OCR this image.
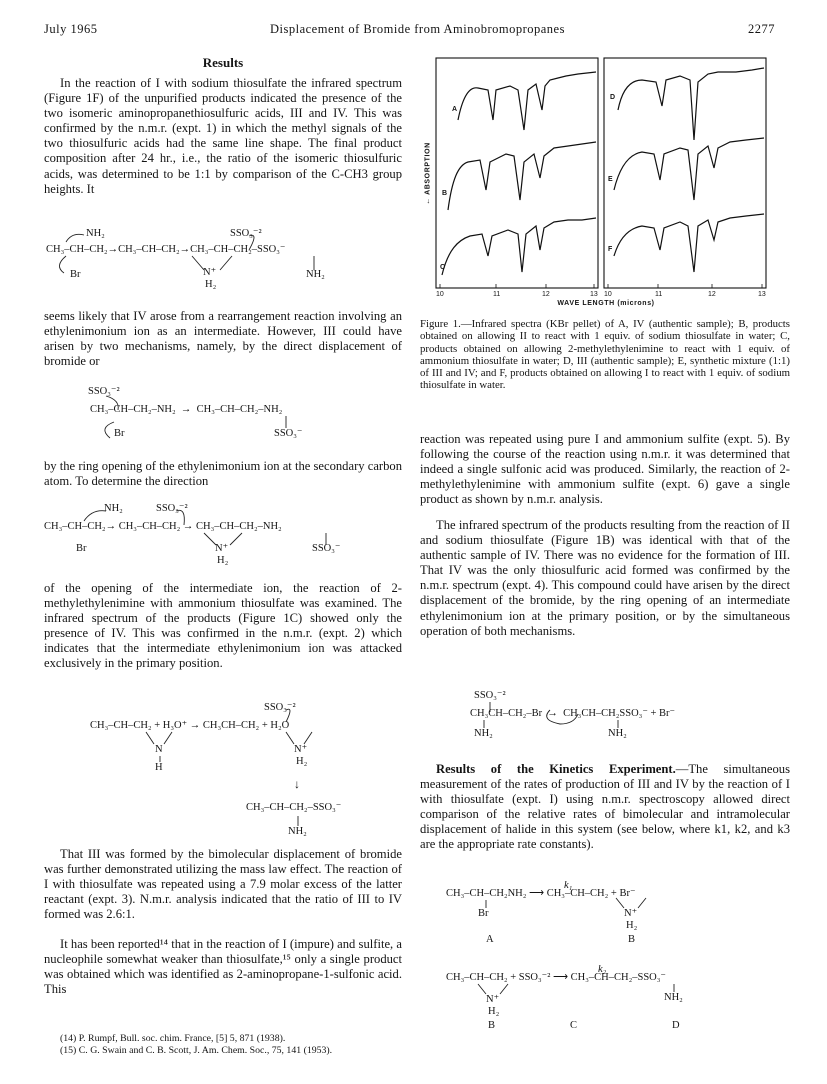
July 1965	Displacement of Bromide from Aminobromopropanes	2277
Results
In the reaction of I with sodium thiosulfate the infrared spectrum (Figure 1F) of the unpurified products indicated the presence of the two isomeric aminopropanethiosulfuric acids, III and IV. This was confirmed by the n.m.r. (expt. 1) in which the methyl signals of the two thiosulfuric acids had the same line shape. The final product composition after 24 hr., i.e., the ratio of the isomeric thiosulfuric acids, was determined to be 1:1 by comparison of the C-CH3 group heights. It

NH₂

	SSO₃⁻²

CH₃–CH–CH₂→CH₃–CH–CH₂→CH₃–CH–CH₂–SSO₃⁻

Br

	N⁺

H₂

NH₂

seems likely that IV arose from a rearrangement reaction involving an ethylenimonium ion as an intermediate. However, III could have arisen by two mechanisms, namely, by the direct displacement of bromide or

SSO₃⁻²

CH₃–CH–CH₂–NH₂  →  CH₃–CH–CH₂–NH₂

Br

	SSO₃⁻

by the ring opening of the ethylenimonium ion at the secondary carbon atom. To determine the direction

NH₂

	SSO₃⁻²

CH₃–CH–CH₂→ CH₃–CH–CH₂ → CH₃–CH–CH₂–NH₂

Br

	N⁺

H₂

SSO₃⁻

of the opening of the intermediate ion, the reaction of 2-methylethylenimine with ammonium thiosulfate was examined. The infrared spectrum of the products (Figure 1C) showed only the presence of IV. This was confirmed in the n.m.r. (expt. 2) which indicates that the intermediate ethylenimonium ion was attacked exclusively in the primary position.

SSO₃⁻²

CH₃–CH–CH₂ + H₃O⁺ → CH₃CH–CH₂ + H₂O

N

H

N⁺

H₂

↓

CH₃–CH–CH₂–SSO₃⁻

NH₂

That III was formed by the bimolecular displacement of bromide was further demonstrated utilizing the mass law effect. The reaction of I with thiosulfate was repeated using a 7.9 molar excess of the latter reactant (expt. 3). N.m.r. analysis indicated that the ratio of III to IV formed was 2.6:1.
It has been reported¹⁴ that in the reaction of I (impure) and sulfite, a nucleophile somewhat weaker than thiosulfate,¹⁵ only a single product was obtained which was identified as 2-aminopropane-1-sulfonic acid. This
(14) P. Rumpf, Bull. soc. chim. France, [5] 5, 871 (1938).
(15) C. G. Swain and C. B. Scott, J. Am. Chem. Soc., 75, 141 (1953).
A
B
C
D
E
F
← ABSORPTION
10	11	12	13 10	11	12	13
WAVE LENGTH (microns)
Figure 1.—Infrared spectra (KBr pellet) of A, IV (authentic sample); B, products obtained on allowing II to react with 1 equiv. of sodium thiosulfate in water; C, products obtained on allowing 2-methylethylenimine to react with 1 equiv. of ammonium thiosulfate in water; D, III (authentic sample); E, synthetic mixture (1:1) of III and IV; and F, products obtained on allowing I to react with 1 equiv. of sodium thiosulfate in water.
reaction was repeated using pure I and ammonium sulfite (expt. 5). By following the course of the reaction using n.m.r. it was determined that indeed a single sulfonic acid was produced. Similarly, the reaction of 2-methylethylenimine with ammonium sulfite (expt. 6) gave a single product as shown by n.m.r. analysis.
The infrared spectrum of the products resulting from the reaction of II and sodium thiosulfate (Figure 1B) was identical with that of the authentic sample of IV. There was no evidence for the formation of III. That IV was the only thiosulfuric acid formed was confirmed by the n.m.r. spectrum (expt. 4). This compound could have arisen by the direct displacement of the bromide, by the ring opening of an intermediate ethylenimonium ion at the primary position, or by the simultaneous operation of both mechanisms.

SSO₃⁻²

CH₃CH–CH₂–Br  →  CH₃CH–CH₂SSO₃⁻ + Br⁻

NH₂

	NH₂

Results of the Kinetics Experiment.—The simultaneous measurement of the rates of production of III and IV by the reaction of I with thiosulfate (expt. I) using n.m.r. spectroscopy allowed direct comparison of the relative rates of bimolecular and intramolecular displacement of halide in this system (see below, where k1, k2, and k3 are the appropriate rate constants).

k₁

CH₃–CH–CH₂NH₂ ⟶ CH₃–CH–CH₂ + Br⁻

Br

	N⁺

H₂

A

	B

k₂

CH₃–CH–CH₂ + SSO₃⁻² ⟶ CH₃–CH–CH₂–SSO₃⁻

N⁺

H₂

NH₂

B

	C

	D
